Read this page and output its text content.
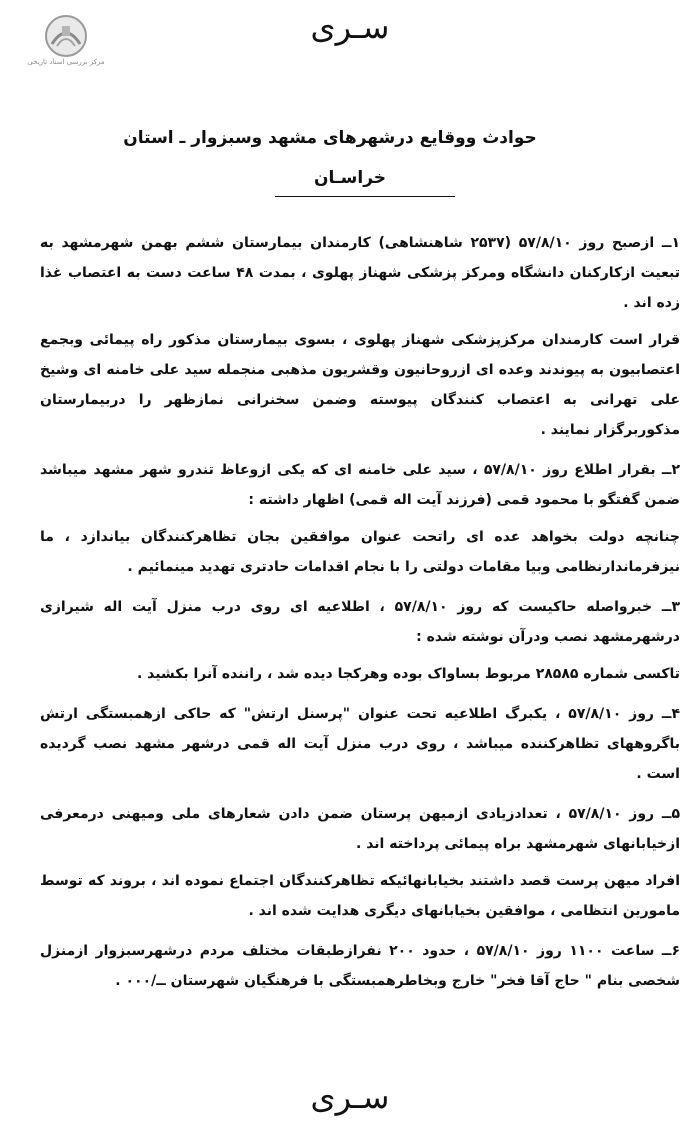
مرکز بررسی اسناد تاریخی
سـری
حوادث ووقایع درشهرهای مشهد وسبزوار ـ استان
خراسـان

۱ــ ازصبح روز ۵۷/۸/۱۰ (۲۵۳۷ شاهنشاهی) کارمندان بیمارستان ششم بهمن شهرمشهد به تبعیت ازکارکنان دانشگاه ومرکز پزشکی شهناز پهلوی ، بمدت ۴۸ ساعت دست به اعتصاب غذا زده اند .

قرار است کارمندان مرکزپزشکی شهناز پهلوی ، بسوی بیمارستان مذکور راه پیمائی وبجمع اعتصابیون به پیوندند وعده ای ازروحانیون وقشریون مذهبی منجمله سید علی خامنه ای وشیخ علی تهرانی به اعتصاب کنندگان پیوسته وضمن سخنرانی نمازظهر را دربیمارستان مذکوربرگزار نمایند .

۲ــ بقرار اطلاع روز ۵۷/۸/۱۰ ، سید علی خامنه ای که یکی ازوعاظ تندرو شهر مشهد میباشد ضمن گفتگو با محمود قمی (فرزند آیت اله قمی) اظهار داشته :

چنانچه دولت بخواهد عده ای راتحت عنوان موافقین بجان تظاهرکنندگان بیاندازد ، ما نیزفرماندارنظامی وبیا مقامات دولتی را با نجام اقدامات حادتری تهدید مینمائیم .

۳ــ خبرواصله حاکیست که روز ۵۷/۸/۱۰ ، اطلاعیه ای روی درب منزل آیت اله شیرازی درشهرمشهد نصب ودرآن نوشته شده :

تاکسی شماره ۲۸۵۸۵ مربوط بساواک بوده وهرکجا دیده شد ، راننده آنرا بکشید .

۴ــ روز ۵۷/۸/۱۰ ، یکبرگ اطلاعیه تحت عنوان "پرسنل ارتش" که حاکی ازهمبستگی ارتش باگروههای تظاهرکننده میباشد ، روی درب منزل آیت اله قمی درشهر مشهد نصب گردیده است .

۵ــ روز ۵۷/۸/۱۰ ، تعدادزیادی ازمیهن پرستان ضمن دادن شعارهای ملی ومیهنی درمعرفی ازخیابانهای شهرمشهد براه پیمائی پرداخته اند .

افراد میهن پرست قصد داشتند بخیابانهائیکه تظاهرکنندگان اجتماع نموده اند ، بروند که توسط مامورین انتظامی ، موافقین بخیابانهای دیگری هدایت شده اند .

۶ــ ساعت ۱۱۰۰ روز ۵۷/۸/۱۰ ، حدود ۲۰۰ نفرازطبقات مختلف مردم درشهرسبزوار ازمنزل شخصی بنام " حاج آقا فخر" خارج وبخاطرهمبستگی با فرهنگیان شهرستان ــ/۰۰۰ .

سـری
